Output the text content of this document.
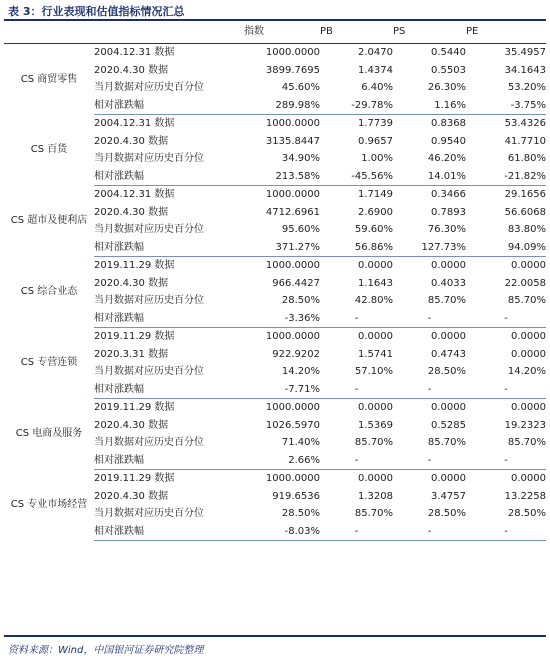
表 3：行业表现和估值指标情况汇总
		指数	PB	PS	PE
CS 商贸零售	2004.12.31 数据	1000.0000	2.0470	0.5440	35.4957
	2020.4.30 数据	3899.7695	1.4374	0.5503	34.1643
	当月数据对应历史百分位	45.60%	6.40%	26.30%	53.20%
	相对涨跌幅	289.98%	-29.78%	1.16%	-3.75%
CS 百货	2004.12.31 数据	1000.0000	1.7739	0.8368	53.4326
	2020.4.30 数据	3135.8447	0.9657	0.9540	41.7710
	当月数据对应历史百分位	34.90%	1.00%	46.20%	61.80%
	相对涨跌幅	213.58%	-45.56%	14.01%	-21.82%
CS 超市及便利店	2004.12.31 数据	1000.0000	1.7149	0.3466	29.1656
	2020.4.30 数据	4712.6961	2.6900	0.7893	56.6068
	当月数据对应历史百分位	95.60%	59.60%	76.30%	83.80%
	相对涨跌幅	371.27%	56.86%	127.73%	94.09%
CS 综合业态	2019.11.29 数据	1000.0000	0.0000	0.0000	0.0000
	2020.4.30 数据	966.4427	1.1643	0.4033	22.0058
	当月数据对应历史百分位	28.50%	42.80%	85.70%	85.70%
	相对涨跌幅	-3.36%	-	-	-
CS 专营连锁	2019.11.29 数据	1000.0000	0.0000	0.0000	0.0000
	2020.3.31 数据	922.9202	1.5741	0.4743	0.0000
	当月数据对应历史百分位	14.20%	57.10%	28.50%	14.20%
	相对涨跌幅	-7.71%	-	-	-
CS 电商及服务	2019.11.29 数据	1000.0000	0.0000	0.0000	0.0000
	2020.4.30 数据	1026.5970	1.5369	0.5285	19.2323
	当月数据对应历史百分位	71.40%	85.70%	85.70%	85.70%
	相对涨跌幅	2.66%	-	-	-
CS 专业市场经营	2019.11.29 数据	1000.0000	0.0000	0.0000	0.0000
	2020.4.30 数据	919.6536	1.3208	3.4757	13.2258
	当月数据对应历史百分位	28.50%	85.70%	28.50%	28.50%
	相对涨跌幅	-8.03%	-	-	-
资料来源：Wind，中国银河证券研究院整理
